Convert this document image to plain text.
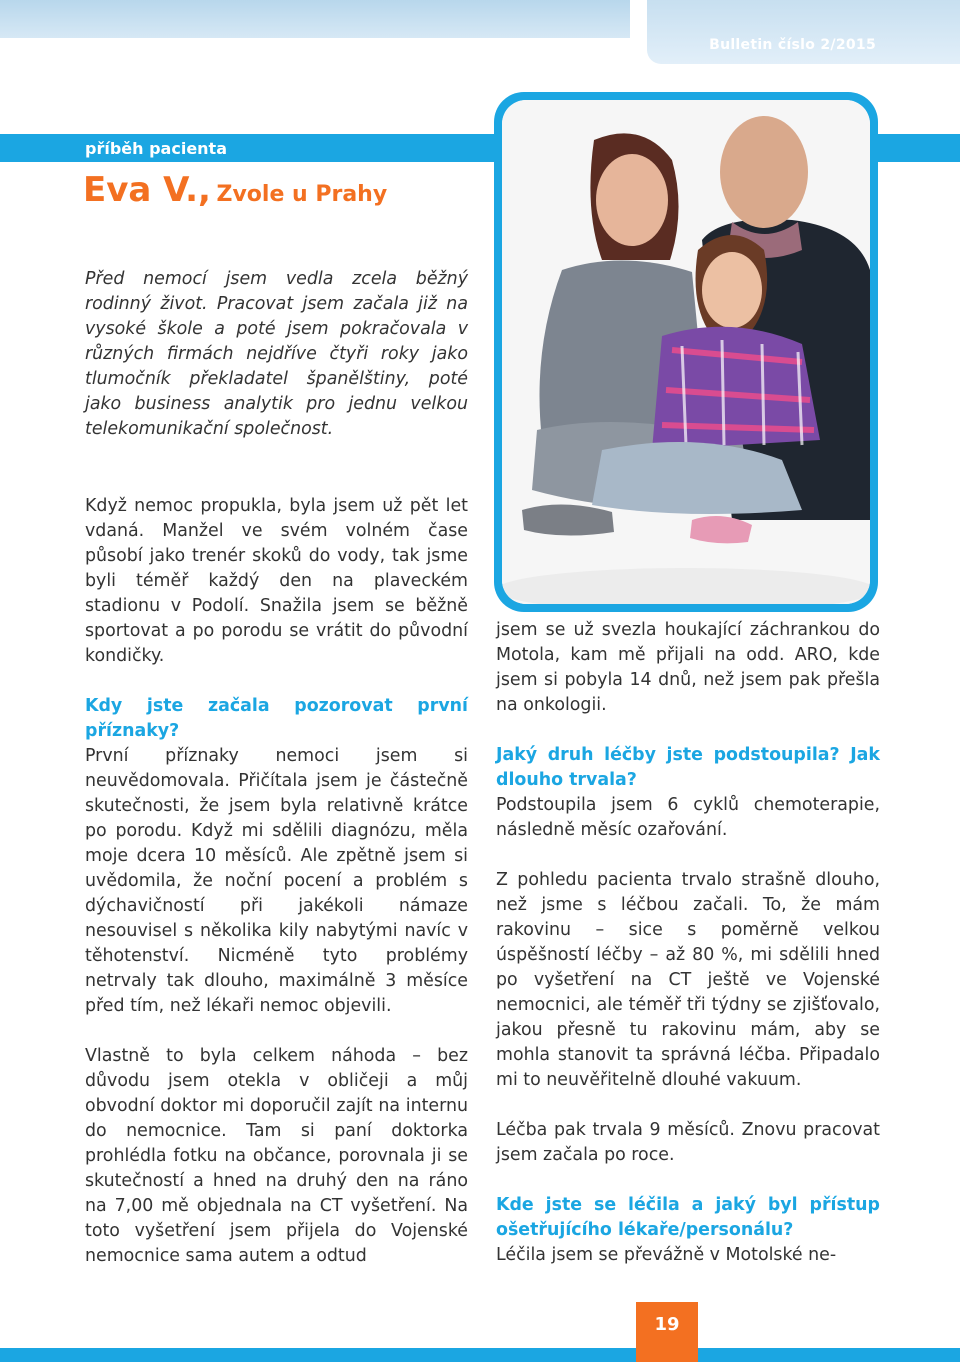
Bulletin číslo 2/2015
příběh pacienta
Eva V., Zvole u Prahy

Před nemocí jsem vedla zcela běžný rodinný život. Pracovat jsem začala již na vysoké škole a poté jsem pokračovala v různých firmách nejdříve čtyři roky jako tlumočník překladatel španělštiny, poté jako business analytik pro jednu velkou telekomunikační společnost.

Když nemoc propukla, byla jsem už pět let vdaná. Manžel ve svém volném čase působí jako trenér skoků do vody, tak jsme byli téměř každý den na plaveckém stadionu v Podolí. Snažila jsem se běžně sportovat a po porodu se vrátit do původní kondičky.

Kdy jste začala pozorovat první příznaky?

První příznaky nemoci jsem si neuvědomovala. Přičítala jsem je částečně skutečnosti, že jsem byla relativně krátce po porodu. Když mi sdělili diagnózu, měla moje dcera 10 měsíců. Ale zpětně jsem si uvědomila, že noční pocení a problém s dýchavičností při jakékoli námaze nesouvisel s několika kily nabytými navíc v těhotenství. Nicméně tyto problémy netrvaly tak dlouho, maximálně 3 měsíce před tím, než lékaři nemoc objevili.

Vlastně to byla celkem náhoda – bez důvodu jsem otekla v obličeji a můj obvodní doktor mi doporučil zajít na internu do nemocnice. Tam si paní doktorka prohlédla fotku na občance, porovnala ji se skutečností a hned na druhý den na ráno na 7,00 mě objednala na CT vyšetření. Na toto vyšetření jsem přijela do Vojenské nemocnice sama autem a odtud

jsem se už svezla houkající záchrankou do Motola, kam mě přijali na odd. ARO, kde jsem si pobyla 14 dnů, než jsem pak přešla na onkologii.

Jaký druh léčby jste podstoupila? Jak dlouho trvala?

Podstoupila jsem 6 cyklů chemoterapie, následně měsíc ozařování.

Z pohledu pacienta trvalo strašně dlouho, než jsme s léčbou začali. To, že mám rakovinu – sice s poměrně velkou úspěšností léčby – až 80 %, mi sdělili hned po vyšetření na CT ještě ve Vojenské nemocnici, ale téměř tři týdny se zjišťovalo, jakou přesně tu rakovinu mám, aby se mohla stanovit ta správná léčba. Připadalo mi to neuvěřitelně dlouhé vakuum.

Léčba pak trvala 9 měsíců. Znovu pracovat jsem začala po roce.

Kde jste se léčila a jaký byl přístup ošetřujícího lékaře/personálu?

Léčila jsem se převážně v Motolské ne-

19
